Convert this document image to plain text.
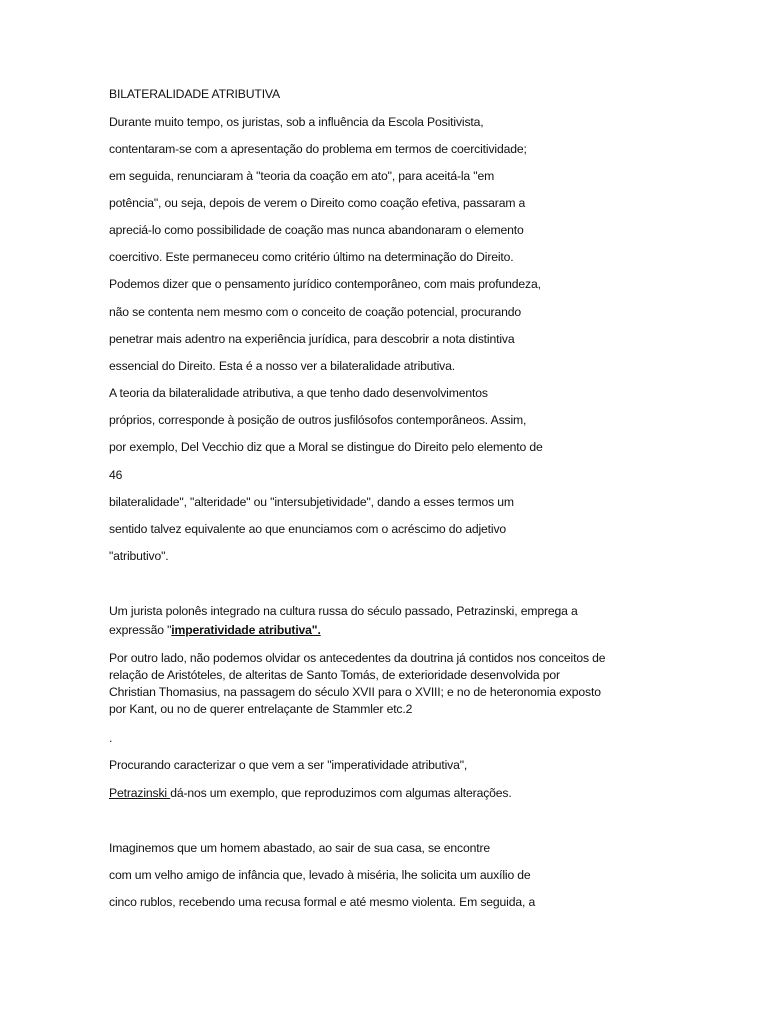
BILATERALIDADE ATRIBUTIVA
Durante muito tempo, os juristas, sob a influência da Escola Positivista,
contentaram-se com a apresentação do problema em termos de coercitividade;
em seguida, renunciaram à "teoria da coação em ato", para aceitá-la "em
potência", ou seja, depois de verem o Direito como coação efetiva, passaram a
apreciá-lo como possibilidade de coação mas nunca abandonaram o elemento
coercitivo. Este permaneceu como critério último na determinação do Direito.
Podemos dizer que o pensamento jurídico contemporâneo, com mais profundeza,
não se contenta nem mesmo com o conceito de coação potencial, procurando
penetrar mais adentro na experiência jurídica, para descobrir a nota distintiva
essencial do Direito. Esta é a nosso ver a bilateralidade atributiva.
A teoria da bilateralidade atributiva, a que tenho dado desenvolvimentos
próprios, corresponde à posição de outros jusfilósofos contemporâneos. Assim,
por exemplo, Del Vecchio diz que a Moral se distingue do Direito pelo elemento de
46
bilateralidade", "alteridade" ou "intersubjetividade", dando a esses termos um
sentido talvez equivalente ao que enunciamos com o acréscimo do adjetivo
"atributivo".
Um jurista polonês integrado na cultura russa do século passado, Petrazinski, emprega a
expressão "imperatividade atributiva".
Por outro lado, não podemos olvidar os antecedentes da doutrina já contidos nos conceitos de
relação de Aristóteles, de alteritas de Santo Tomás, de exterioridade desenvolvida por
Christian Thomasius, na passagem do século XVII para o XVIII; e no de heteronomia exposto
por Kant, ou no de querer entrelaçante de Stammler etc.2
.
Procurando caracterizar o que vem a ser "imperatividade atributiva",
Petrazinski dá-nos um exemplo, que reproduzimos com algumas alterações.
Imaginemos que um homem abastado, ao sair de sua casa, se encontre
com um velho amigo de infância que, levado à miséria, lhe solicita um auxílio de
cinco rublos, recebendo uma recusa formal e até mesmo violenta. Em seguida, a
